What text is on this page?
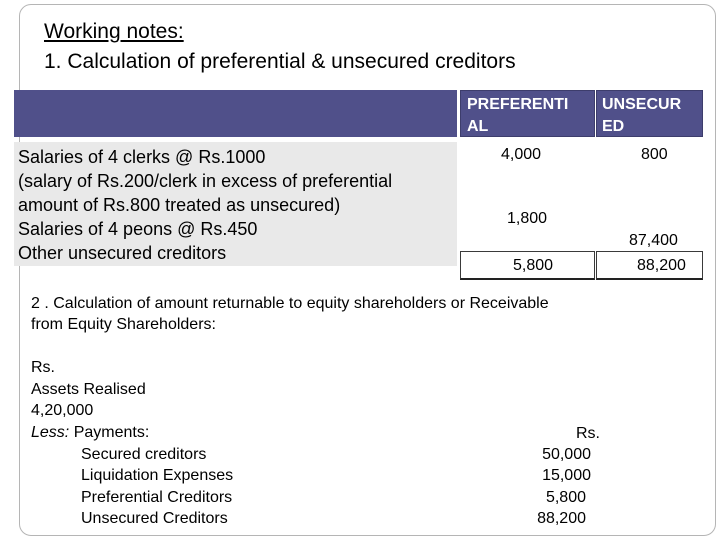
Working notes:
1. Calculation of preferential & unsecured creditors
PREFERENTI
AL
UNSECUR
ED
Salaries of 4 clerks @ Rs.1000
(salary of Rs.200/clerk in excess of preferential
amount of Rs.800 treated as unsecured)
Salaries of 4 peons @ Rs.450
Other unsecured creditors
4,000
1,800
800
87,400
5,800	88,200
2 . Calculation of amount returnable to equity shareholders or Receivable
from Equity Shareholders:
Rs.
Assets Realised
4,20,000
Less: Payments:	Rs.
Secured creditors
Liquidation Expenses
Preferential Creditors
Unsecured Creditors
50,000
15,000
5,800
88,200
